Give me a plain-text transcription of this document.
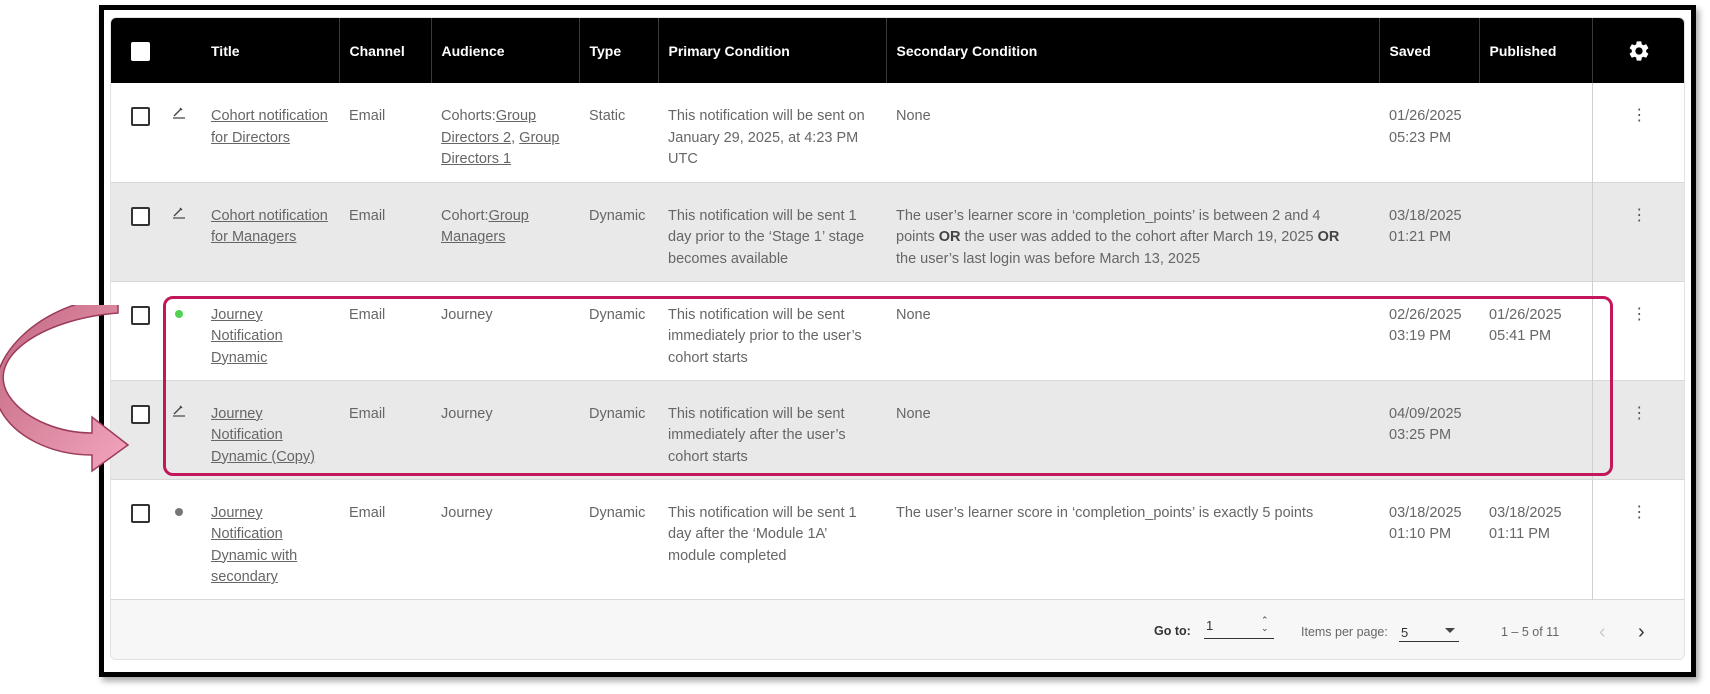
		Title	Channel	Audience	Type	Primary Condition	Secondary Condition	Saved	Published	
		Cohort notification
for Directors	Email	Cohorts:Group
Directors 2, Group
Directors 1	Static	This notification will be sent on
January 29, 2025, at 4:23 PM
UTC	None	01/26/2025
05:23 PM		⋮
		Cohort notification
for Managers	Email	Cohort:Group
Managers	Dynamic	This notification will be sent 1
day prior to the ‘Stage 1’ stage
becomes available	The user’s learner score in ‘completion_points’ is between 2 and 4
points OR the user was added to the cohort after March 19, 2025 OR
the user’s last login was before March 13, 2025	03/18/2025
01:21 PM		⋮
		Journey
Notification
Dynamic	Email	Journey	Dynamic	This notification will be sent
immediately prior to the user’s
cohort starts	None	02/26/2025
03:19 PM	01/26/2025
05:41 PM	⋮
		Journey
Notification
Dynamic (Copy)	Email	Journey	Dynamic	This notification will be sent
immediately after the user’s
cohort starts	None	04/09/2025
03:25 PM		⋮
		Journey
Notification
Dynamic with
secondary	Email	Journey	Dynamic	This notification will be sent 1
day after the ‘Module 1A’
module completed	The user’s learner score in ‘completion_points’ is exactly 5 points	03/18/2025
01:10 PM	03/18/2025
01:11 PM	⋮
Go to: 1	⌃
⌄	Items per page: 5	1 – 5 of 11 ‹ ›
